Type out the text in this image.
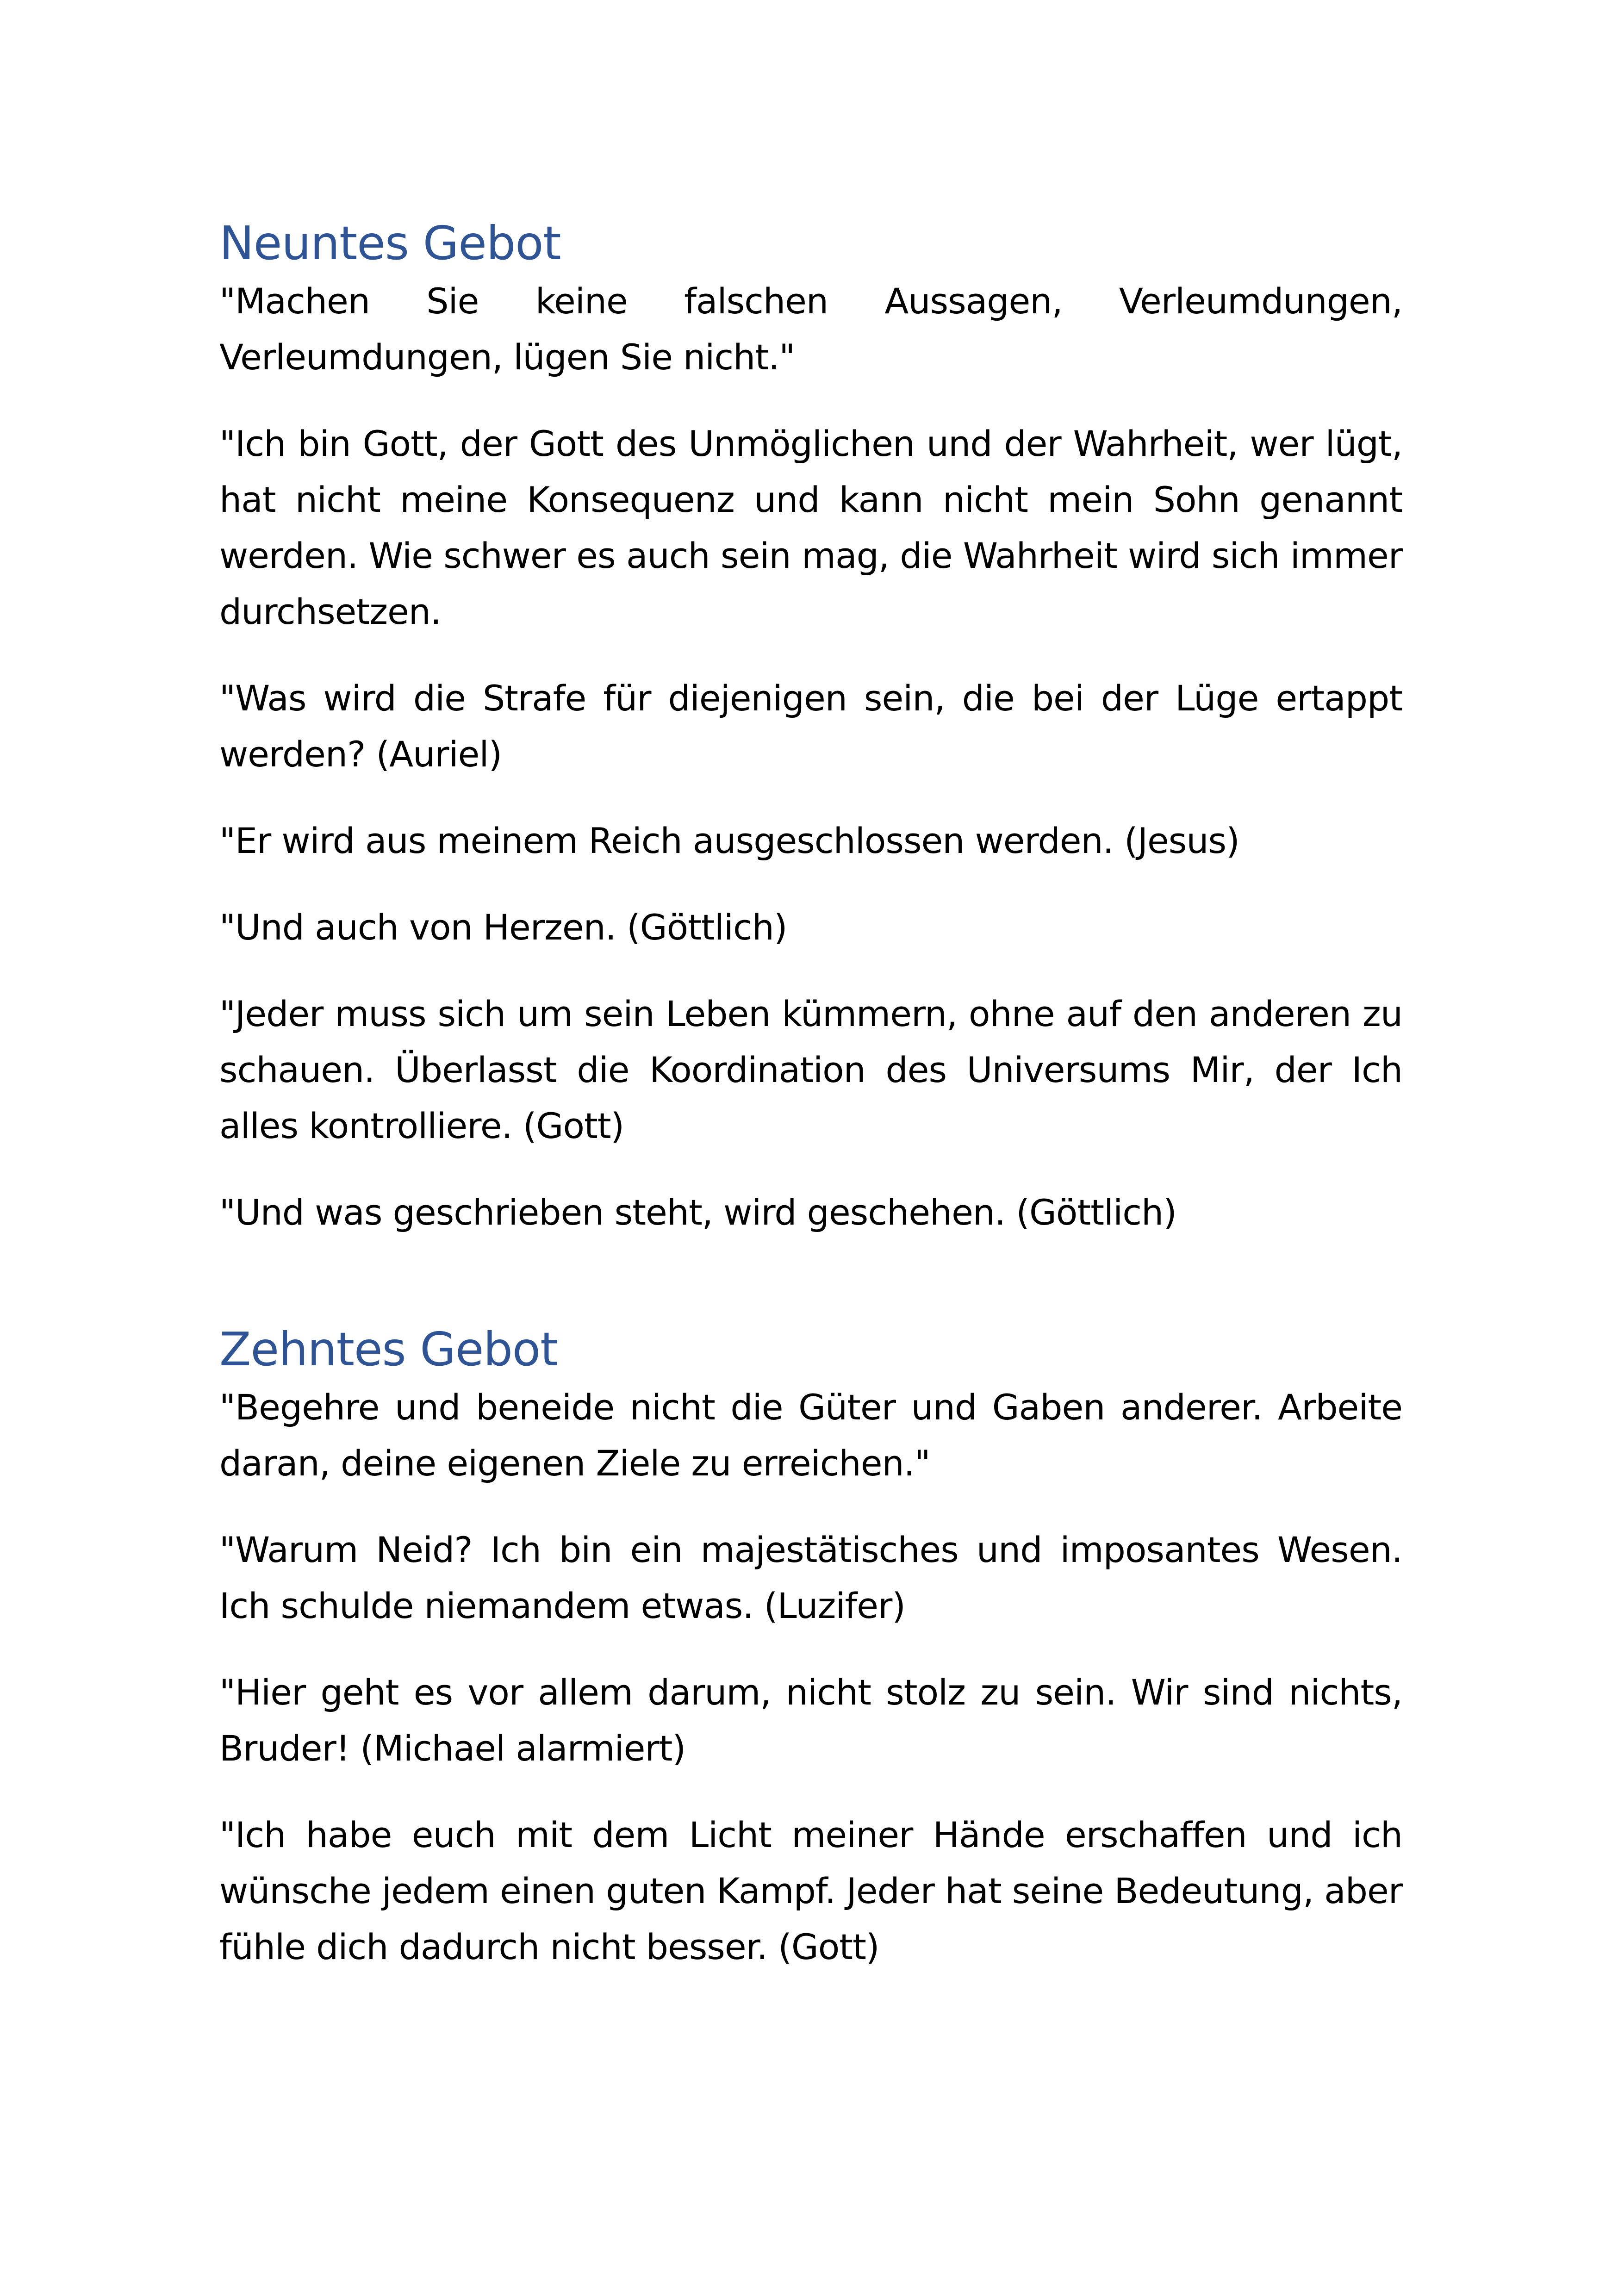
Neuntes Gebot

"Machen Sie keine falschen Aussagen, Verleumdungen, Verleumdungen, lügen Sie nicht."

"Ich bin Gott, der Gott des Unmöglichen und der Wahrheit, wer lügt, hat nicht meine Konsequenz und kann nicht mein Sohn genannt werden. Wie schwer es auch sein mag, die Wahrheit wird sich immer durchsetzen.

"Was wird die Strafe für diejenigen sein, die bei der Lüge ertappt werden? (Auriel)

"Er wird aus meinem Reich ausgeschlossen werden. (Jesus)

"Und auch von Herzen. (Göttlich)

"Jeder muss sich um sein Leben kümmern, ohne auf den anderen zu schauen. Überlasst die Koordination des Universums Mir, der Ich alles kontrolliere. (Gott)

"Und was geschrieben steht, wird geschehen. (Göttlich)

Zehntes Gebot

"Begehre und beneide nicht die Güter und Gaben anderer. Arbeite daran, deine eigenen Ziele zu erreichen."

"Warum Neid? Ich bin ein majestätisches und imposantes Wesen. Ich schulde niemandem etwas. (Luzifer)

"Hier geht es vor allem darum, nicht stolz zu sein. Wir sind nichts, Bruder! (Michael alarmiert)

"Ich habe euch mit dem Licht meiner Hände erschaffen und ich wünsche jedem einen guten Kampf. Jeder hat seine Bedeutung, aber fühle dich dadurch nicht besser. (Gott)
